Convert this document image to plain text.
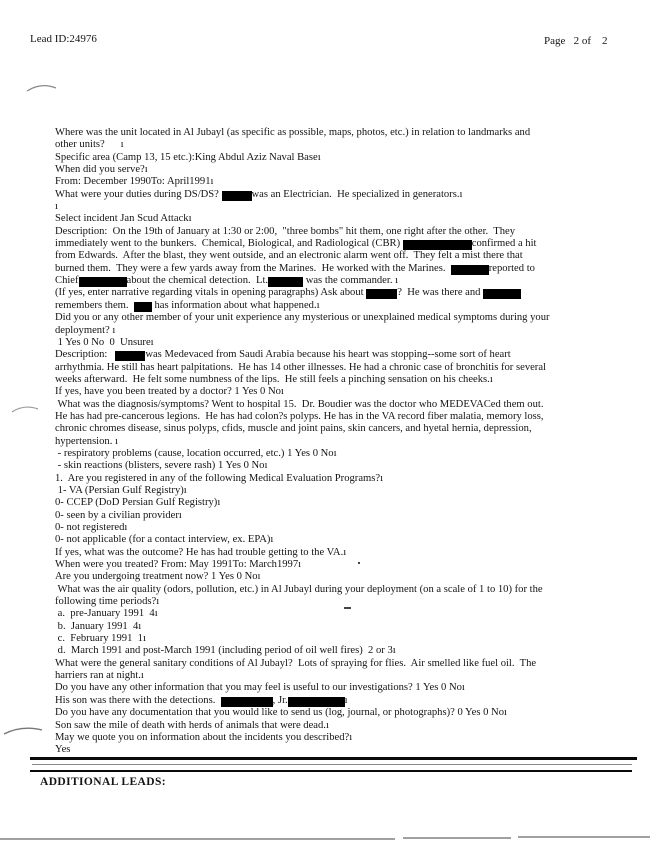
Lead ID:24976	Page   2 of    2
Where was the unit located in Al Jubayl (as specific as possible, maps, photos, etc.) in relation to landmarks and
other units?      ı
Specific area (Camp 13, 15 etc.):King Abdul Aziz Naval Baseı
When did you serve?ı
From: December 1990To: April1991ı
What were your duties during DS/DS?	was an Electrician.  He specialized in generators.ı
ı
Select incident Jan Scud Attackı
Description:  On the 19th of January at 1:30 or 2:00,  "three bombs" hit them, one right after the other.  They
immediately went to the bunkers.  Chemical, Biological, and Radiological (CBR)	confirmed a hit
from Edwards.  After the blast, they went outside, and an electronic alarm went off.  They felt a mist there that
burned them.  They were a few yards away from the Marines.  He worked with the Marines.	reported to
Chief	about the chemical detection.  Lt.	was the commander. ı
(If yes, enter narrative regarding vitals in opening paragraphs) Ask about	?  He was there and
remembers them.   has information about what happened.ı
Did you or any other member of your unit experience any mysterious or unexplained medical symptoms during your
deployment? ı
1 Yes 0 No  0  Unsureı
Description:	was Medevaced from Saudi Arabia because his heart was stopping--some sort of heart
arrhythmia. He still has heart palpitations.  He has 14 other illnesses. He had a chronic case of bronchitis for several
weeks afterward.  He felt some numbness of the lips.  He still feels a pinching sensation on his cheeks.ı
If yes, have you been treated by a doctor? 1 Yes 0 Noı
What was the diagnosis/symptoms? Went to hospital 15.  Dr. Boudier was the doctor who MEDEVACed them out.
He has had pre-cancerous legions.  He has had colon?s polyps. He has in the VA record fiber malatia, memory loss,
chronic chromes disease, sinus polyps, cfids, muscle and joint pains, skin cancers, and hyetal hernia, depression,
hypertension. ı
- respiratory problems (cause, location occurred, etc.) 1 Yes 0 Noı
- skin reactions (blisters, severe rash) 1 Yes 0 Noı
1.  Are you registered in any of the following Medical Evaluation Programs?ı
1- VA (Persian Gulf Registry)ı
0- CCEP (DoD Persian Gulf Registry)ı
0- seen by a civilian providerı
0- not registeredı
0- not applicable (for a contact interview, ex. EPA)ı
If yes, what was the outcome? He has had trouble getting to the VA.ı
When were you treated? From: May 1991To: March1997ı
Are you undergoing treatment now? 1 Yes 0 Noı
What was the air quality (odors, pollution, etc.) in Al Jubayl during your deployment (on a scale of 1 to 10) for the
following time periods?ı
a.  pre-January 1991  4ı
b.  January 1991  4ı
c.  February 1991  1ı
d.  March 1991 and post-March 1991 (including period of oil well fires)  2 or 3ı
What were the general sanitary conditions of Al Jubayl?  Lots of spraying for flies.  Air smelled like fuel oil.  The
harriers ran at night.ı
Do you have any other information that you may feel is useful to our investigations? 1 Yes 0 Noı
His son was there with the detections.	, Jr.	ı
Do you have any documentation that you would like to send us (log, journal, or photographs)? 0 Yes 0 Noı
Son saw the mile of death with herds of animals that were dead.ı
May we quote you on information about the incidents you described?ı
Yes
ADDITIONAL LEADS:
